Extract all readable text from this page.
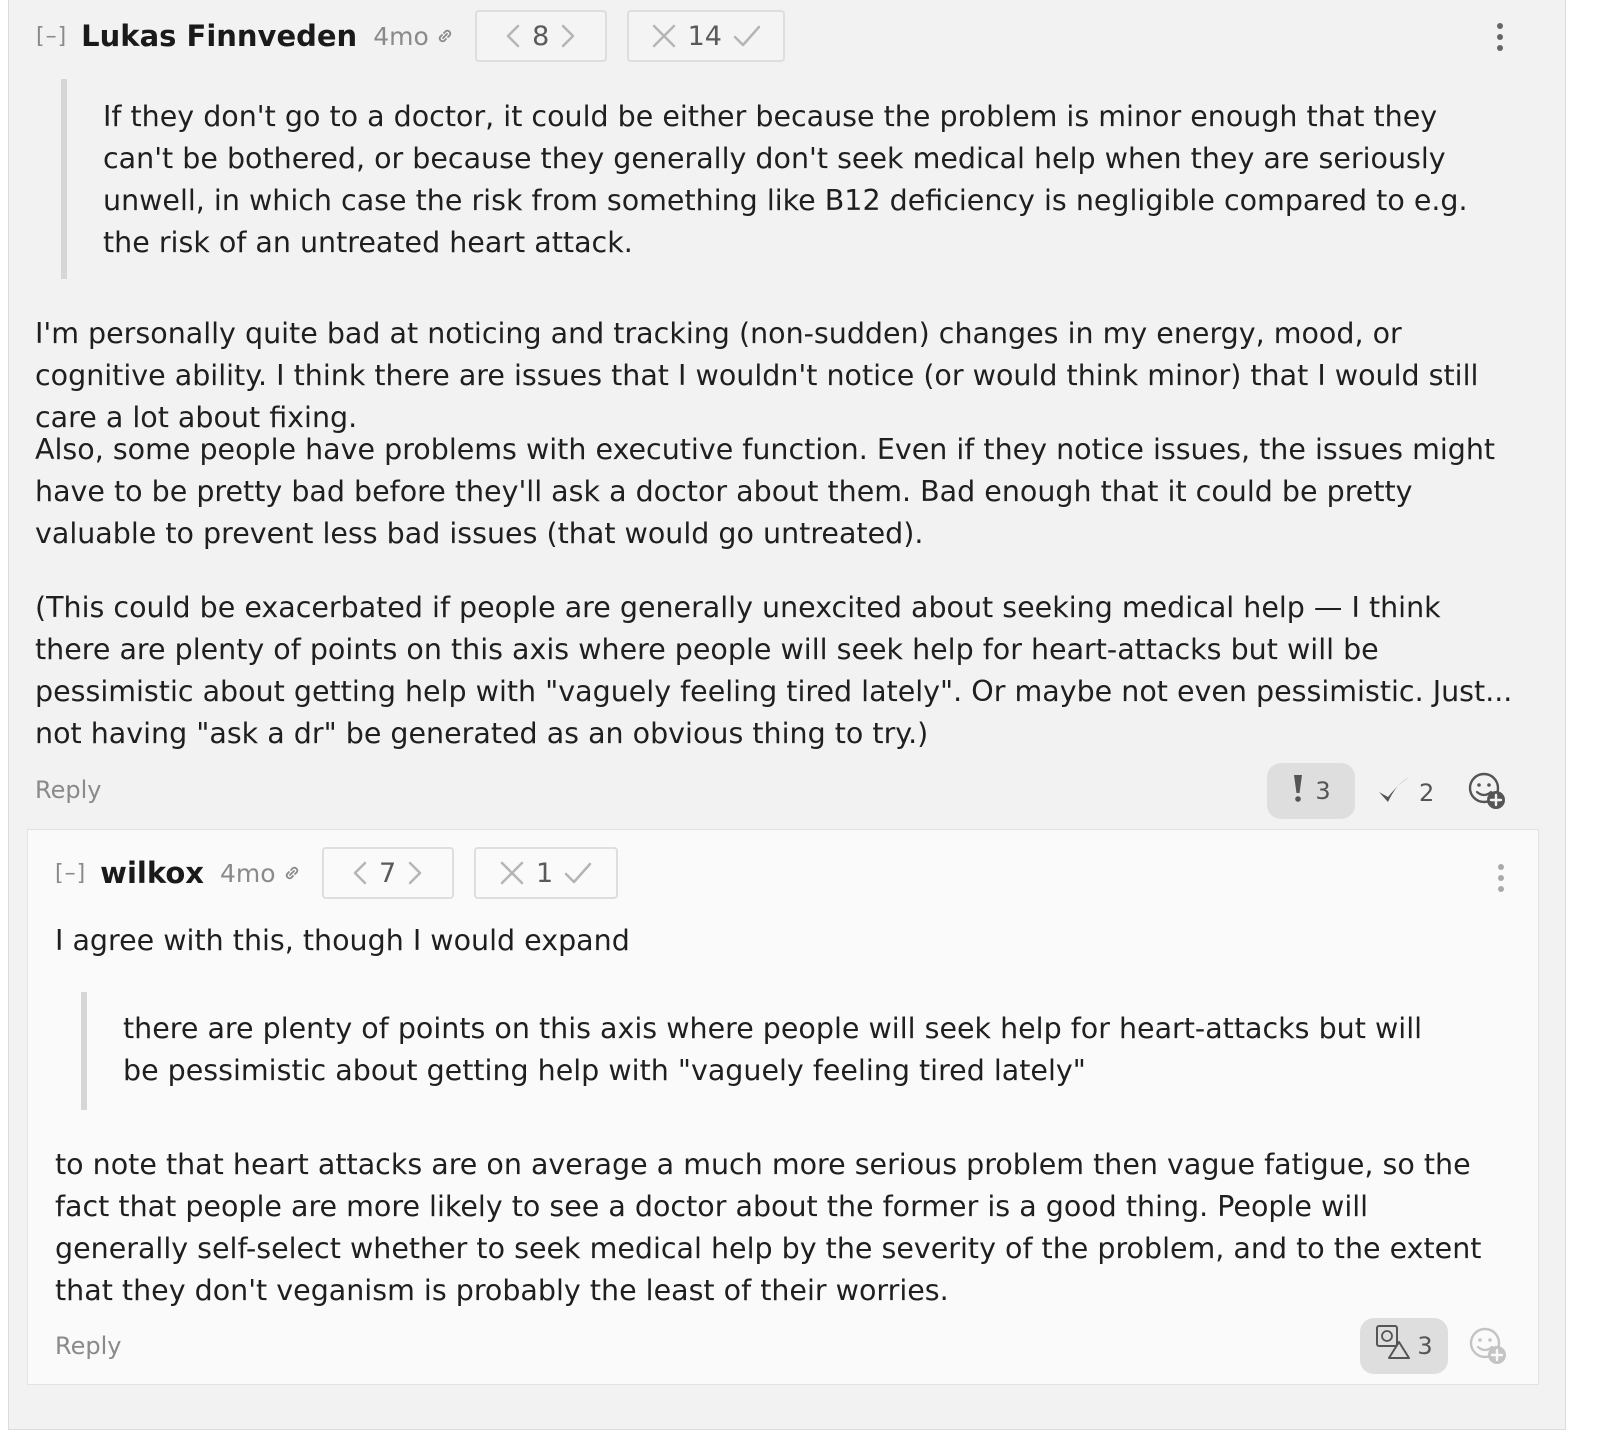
[–] Lukas Finnveden 4mo	8	14
If they don't go to a doctor, it could be either because the problem is minor enough that they can't be bothered, or because they generally don't seek medical help when they are seriously unwell, in which case the risk from something like B12 deficiency is negligible compared to e.g. the risk of an untreated heart attack.

I'm personally quite bad at noticing and tracking (non-sudden) changes in my energy, mood, or cognitive ability. I think there are issues that I wouldn't notice (or would think minor) that I would still care a lot about fixing.

Also, some people have problems with executive function. Even if they notice issues, the issues might have to be pretty bad before they'll ask a doctor about them. Bad enough that it could be pretty valuable to prevent less bad issues (that would go untreated).

(This could be exacerbated if people are generally unexcited about seeking medical help — I think there are plenty of points on this axis where people will seek help for heart-attacks but will be pessimistic about getting help with "vaguely feeling tired lately". Or maybe not even pessimistic. Just... not having "ask a dr" be generated as an obvious thing to try.)

Reply	3	2
[–] wilkox 4mo	7	1

I agree with this, though I would expand

there are plenty of points on this axis where people will seek help for heart-attacks but will be pessimistic about getting help with "vaguely feeling tired lately"

to note that heart attacks are on average a much more serious problem then vague fatigue, so the fact that people are more likely to see a doctor about the former is a good thing. People will generally self-select whether to seek medical help by the severity of the problem, and to the extent that they don't veganism is probably the least of their worries.

Reply	3
